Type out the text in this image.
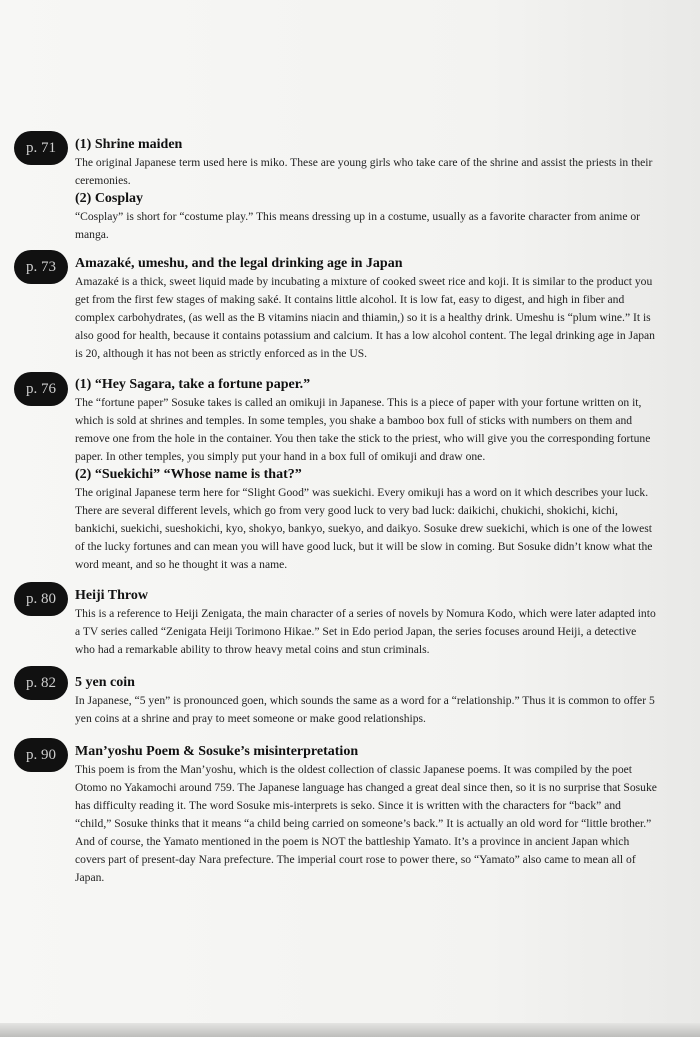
p. 71	(1) Shrine maiden

The original Japanese term used here is miko. These are young girls who take care of the shrine and assist the priests in their ceremonies.

(2) Cosplay

“Cosplay” is short for “costume play.” This means dressing up in a costume, usually as a favorite character from anime or manga.

p. 73	Amazaké, umeshu, and the legal drinking age in Japan

Amazaké is a thick, sweet liquid made by incubating a mixture of cooked sweet rice and koji. It is similar to the product you get from the first few stages of making saké. It contains little alcohol. It is low fat, easy to digest, and high in fiber and complex carbohydrates, (as well as the B vitamins niacin and thiamin,) so it is a healthy drink. Umeshu is “plum wine.” It is also good for health, because it contains potassium and calcium. It has a low alcohol content. The legal drinking age in Japan is 20, although it has not been as strictly enforced as in the US.

p. 76	(1) “Hey Sagara, take a fortune paper.”

The “fortune paper” Sosuke takes is called an omikuji in Japanese. This is a piece of paper with your fortune written on it, which is sold at shrines and temples. In some temples, you shake a bamboo box full of sticks with numbers on them and remove one from the hole in the container. You then take the stick to the priest, who will give you the corresponding fortune paper. In other temples, you simply put your hand in a box full of omikuji and draw one.

(2) “Suekichi” “Whose name is that?”

The original Japanese term here for “Slight Good” was suekichi. Every omikuji has a word on it which describes your luck. There are several different levels, which go from very good luck to very bad luck: daikichi, chukichi, shokichi, kichi, bankichi, suekichi, sueshokichi, kyo, shokyo, bankyo, suekyo, and daikyo. Sosuke drew suekichi, which is one of the lowest of the lucky fortunes and can mean you will have good luck, but it will be slow in coming. But Sosuke didn’t know what the word meant, and so he thought it was a name.

p. 80	Heiji Throw

This is a reference to Heiji Zenigata, the main character of a series of novels by Nomura Kodo, which were later adapted into a TV series called “Zenigata Heiji Torimono Hikae.” Set in Edo period Japan, the series focuses around Heiji, a detective who had a remarkable ability to throw heavy metal coins and stun criminals.

p. 82	5 yen coin

In Japanese, “5 yen” is pronounced goen, which sounds the same as a word for a “relationship.” Thus it is common to offer 5 yen coins at a shrine and pray to meet someone or make good relationships.

p. 90	Man’yoshu Poem & Sosuke’s misinterpretation

This poem is from the Man’yoshu, which is the oldest collection of classic Japanese poems. It was compiled by the poet Otomo no Yakamochi around 759. The Japanese language has changed a great deal since then, so it is no surprise that Sosuke has difficulty reading it. The word Sosuke mis-interprets is seko. Since it is written with the characters for “back” and “child,” Sosuke thinks that it means “a child being carried on someone’s back.” It is actually an old word for “little brother.” And of course, the Yamato mentioned in the poem is NOT the battleship Yamato. It’s a province in ancient Japan which covers part of present-day Nara prefecture. The imperial court rose to power there, so “Yamato” also came to mean all of Japan.
